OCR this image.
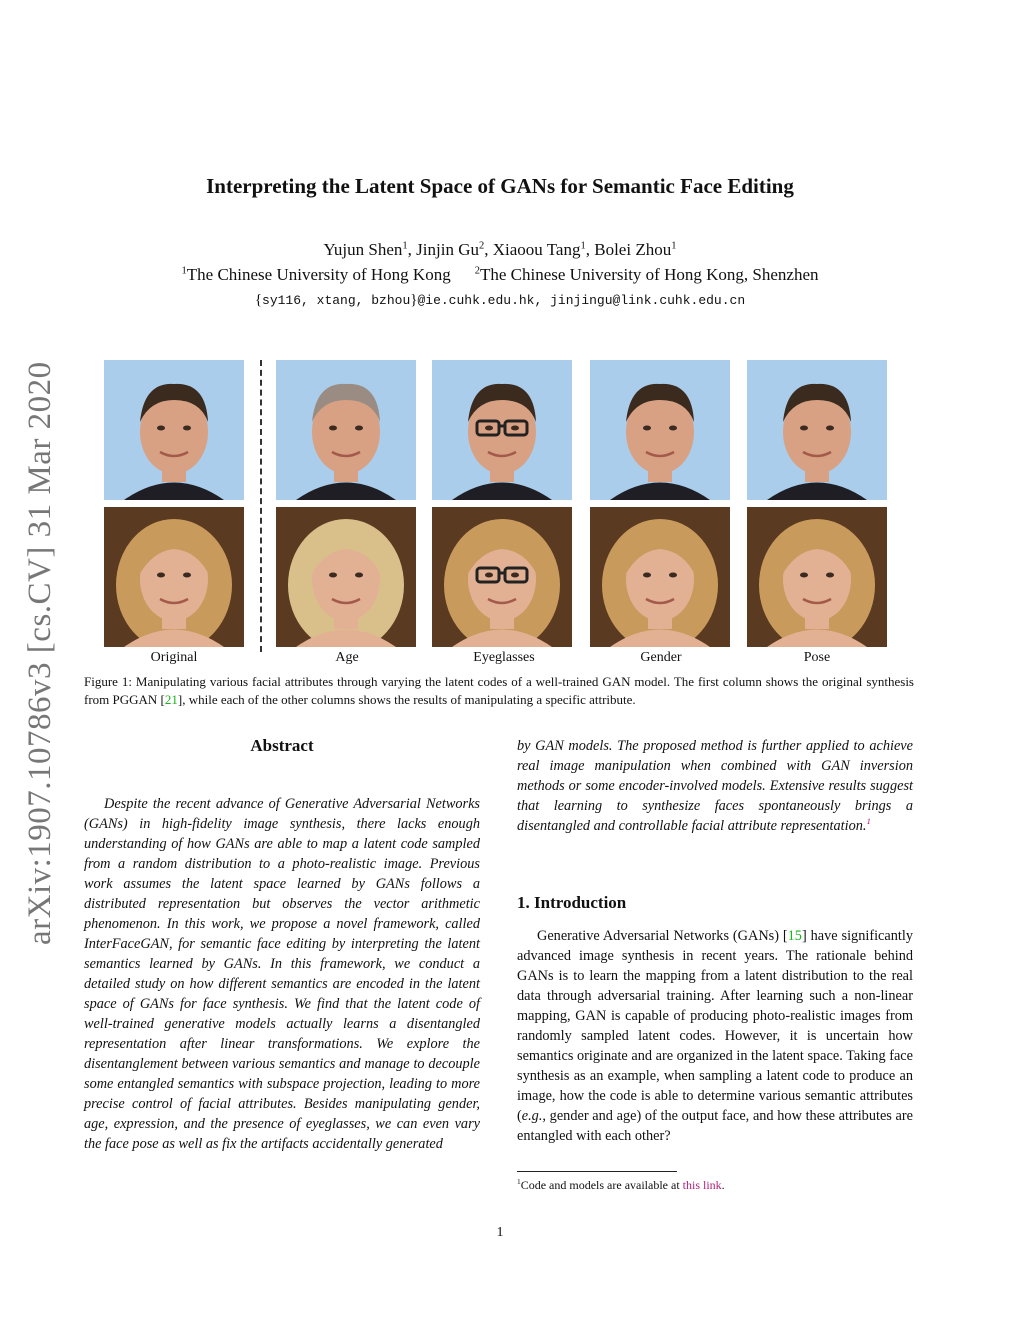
arXiv:1907.10786v3 [cs.CV] 31 Mar 2020
Interpreting the Latent Space of GANs for Semantic Face Editing
Yujun Shen$^1$, Jinjin Gu$^2$, Xiaoou Tang$^1$, Bolei Zhou$^1$
$^1$The Chinese University of Hong Kong $^2$The Chinese University of Hong Kong, Shenzhen
{sy116, xtang, bzhou}@ie.cuhk.edu.hk, jinjingu@link.cuhk.edu.cn
Original	Age	Eyeglasses	Gender	Pose
Figure 1: Manipulating various facial attributes through varying the latent codes of a well-trained GAN model. The first column shows the original synthesis from PGGAN [21], while each of the other columns shows the results of manipulating a specific attribute.
Abstract

Despite the recent advance of Generative Adversarial Networks (GANs) in high-fidelity image synthesis, there lacks enough understanding of how GANs are able to map a latent code sampled from a random distribution to a photo-realistic image. Previous work assumes the latent space learned by GANs follows a distributed representation but observes the vector arithmetic phenomenon. In this work, we propose a novel framework, called InterFaceGAN, for semantic face editing by interpreting the latent semantics learned by GANs. In this framework, we conduct a detailed study on how different semantics are encoded in the latent space of GANs for face synthesis. We find that the latent code of well-trained generative models actually learns a disentangled representation after linear transformations. We explore the disentanglement between various semantics and manage to decouple some entangled semantics with subspace projection, leading to more precise control of facial attributes. Besides manipulating gender, age, expression, and the presence of eyeglasses, we can even vary the face pose as well as fix the artifacts accidentally generated

by GAN models. The proposed method is further applied to achieve real image manipulation when combined with GAN inversion methods or some encoder-involved models. Extensive results suggest that learning to synthesize faces spontaneously brings a disentangled and controllable facial attribute representation.$^1$
1. Introduction

Generative Adversarial Networks (GANs) [15] have significantly advanced image synthesis in recent years. The rationale behind GANs is to learn the mapping from a latent distribution to the real data through adversarial training. After learning such a non-linear mapping, GAN is capable of producing photo-realistic images from randomly sampled latent codes. However, it is uncertain how semantics originate and are organized in the latent space. Taking face synthesis as an example, when sampling a latent code to produce an image, how the code is able to determine various semantic attributes (e.g., gender and age) of the output face, and how these attributes are entangled with each other?

$^1$Code and models are available at this link.
1
